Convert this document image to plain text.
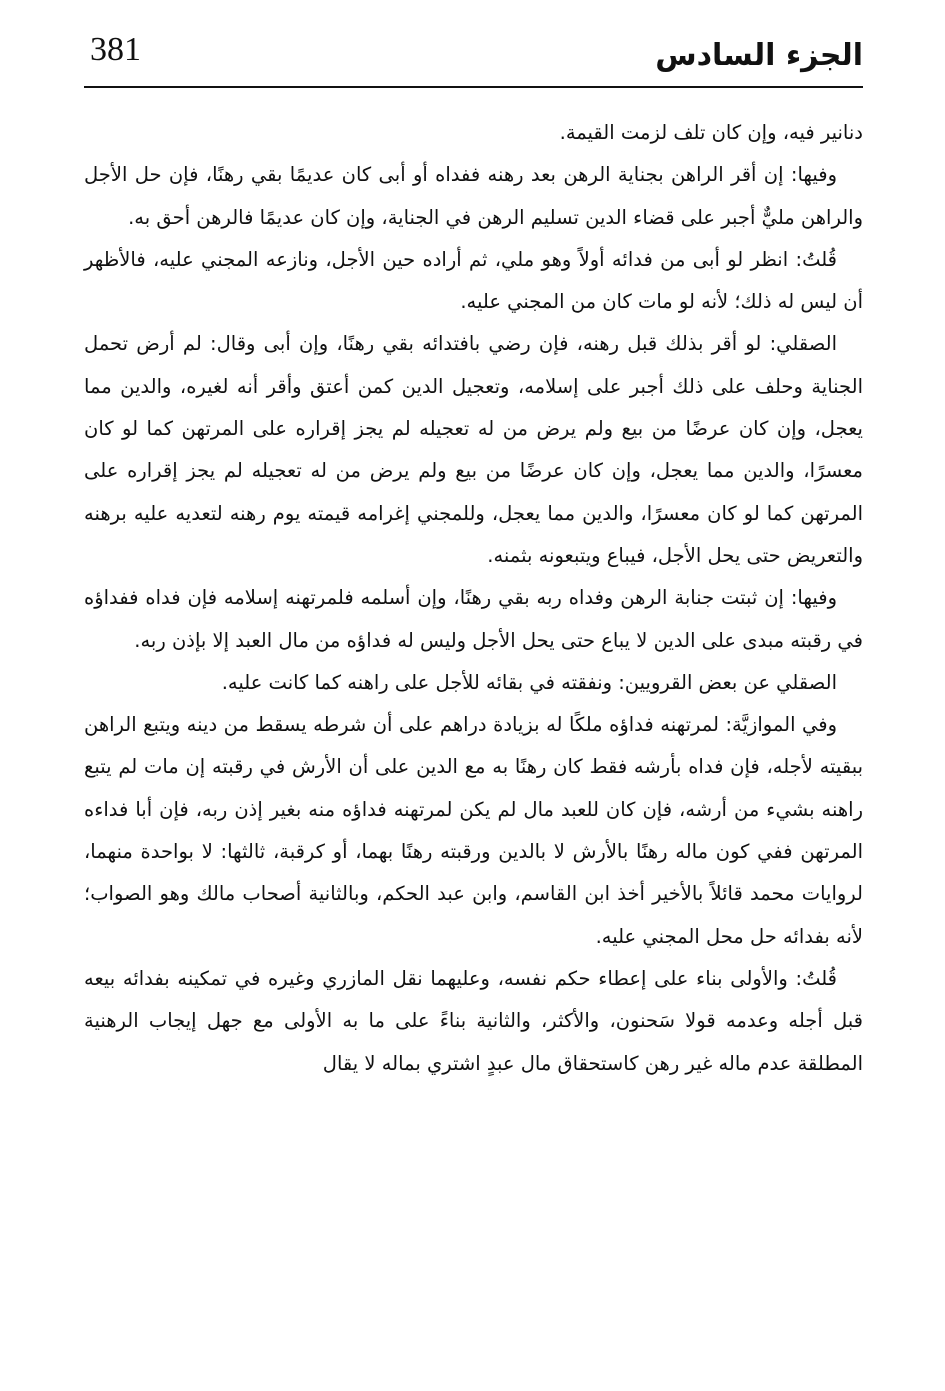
381	الجزء السادس

دنانير فيه، وإن كان تلف لزمت القيمة.

وفيها: إن أقر الراهن بجناية الرهن بعد رهنه ففداه أو أبى كان عديمًا بقي رهنًا، فإن حل الأجل والراهن مليٌّ أجبر على قضاء الدين تسليم الرهن في الجناية، وإن كان عديمًا فالرهن أحق به.

قُلتُ: انظر لو أبى من فدائه أولاً وهو ملي، ثم أراده حين الأجل، ونازعه المجني عليه، فالأظهر أن ليس له ذلك؛ لأنه لو مات كان من المجني عليه.

الصقلي: لو أقر بذلك قبل رهنه، فإن رضي بافتدائه بقي رهنًا، وإن أبى وقال: لم أرض تحمل الجناية وحلف على ذلك أجبر على إسلامه، وتعجيل الدين كمن أعتق وأقر أنه لغيره، والدين مما يعجل، وإن كان عرضًا من بيع ولم يرض من له تعجيله لم يجز إقراره على المرتهن كما لو كان معسرًا، والدين مما يعجل، وإن كان عرضًا من بيع ولم يرض من له تعجيله لم يجز إقراره على المرتهن كما لو كان معسرًا، والدين مما يعجل، وللمجني إغرامه قيمته يوم رهنه لتعديه عليه برهنه والتعريض حتى يحل الأجل، فيباع ويتبعونه بثمنه.

وفيها: إن ثبتت جنابة الرهن وفداه ربه بقي رهنًا، وإن أسلمه فلمرتهنه إسلامه فإن فداه ففداؤه في رقبته مبدى على الدين لا يباع حتى يحل الأجل وليس له فداؤه من مال العبد إلا بإذن ربه.

الصقلي عن بعض القرويين: ونفقته في بقائه للأجل على راهنه كما كانت عليه.

وفي الموازيَّة: لمرتهنه فداؤه ملكًا له بزيادة دراهم على أن شرطه يسقط من دينه ويتبع الراهن ببقيته لأجله، فإن فداه بأرشه فقط كان رهنًا به مع الدين على أن الأرش في رقبته إن مات لم يتبع راهنه بشيء من أرشه، فإن كان للعبد مال لم يكن لمرتهنه فداؤه منه بغير إذن ربه، فإن أبا فداءه المرتهن ففي كون ماله رهنًا بالأرش لا بالدين ورقبته رهنًا بهما، أو كرقبة، ثالثها: لا بواحدة منهما، لروايات محمد قائلاً بالأخير أخذ ابن القاسم، وابن عبد الحكم، وبالثانية أصحاب مالك وهو الصواب؛ لأنه بفدائه حل محل المجني عليه.

قُلتُ: والأولى بناء على إعطاء حكم نفسه، وعليهما نقل المازري وغيره في تمكينه بفدائه بيعه قبل أجله وعدمه قولا سَحنون، والأكثر، والثانية بناءً على ما به الأولى مع جهل إيجاب الرهنية المطلقة عدم ماله غير رهن كاستحقاق مال عبدٍ اشتري بماله لا يقال
